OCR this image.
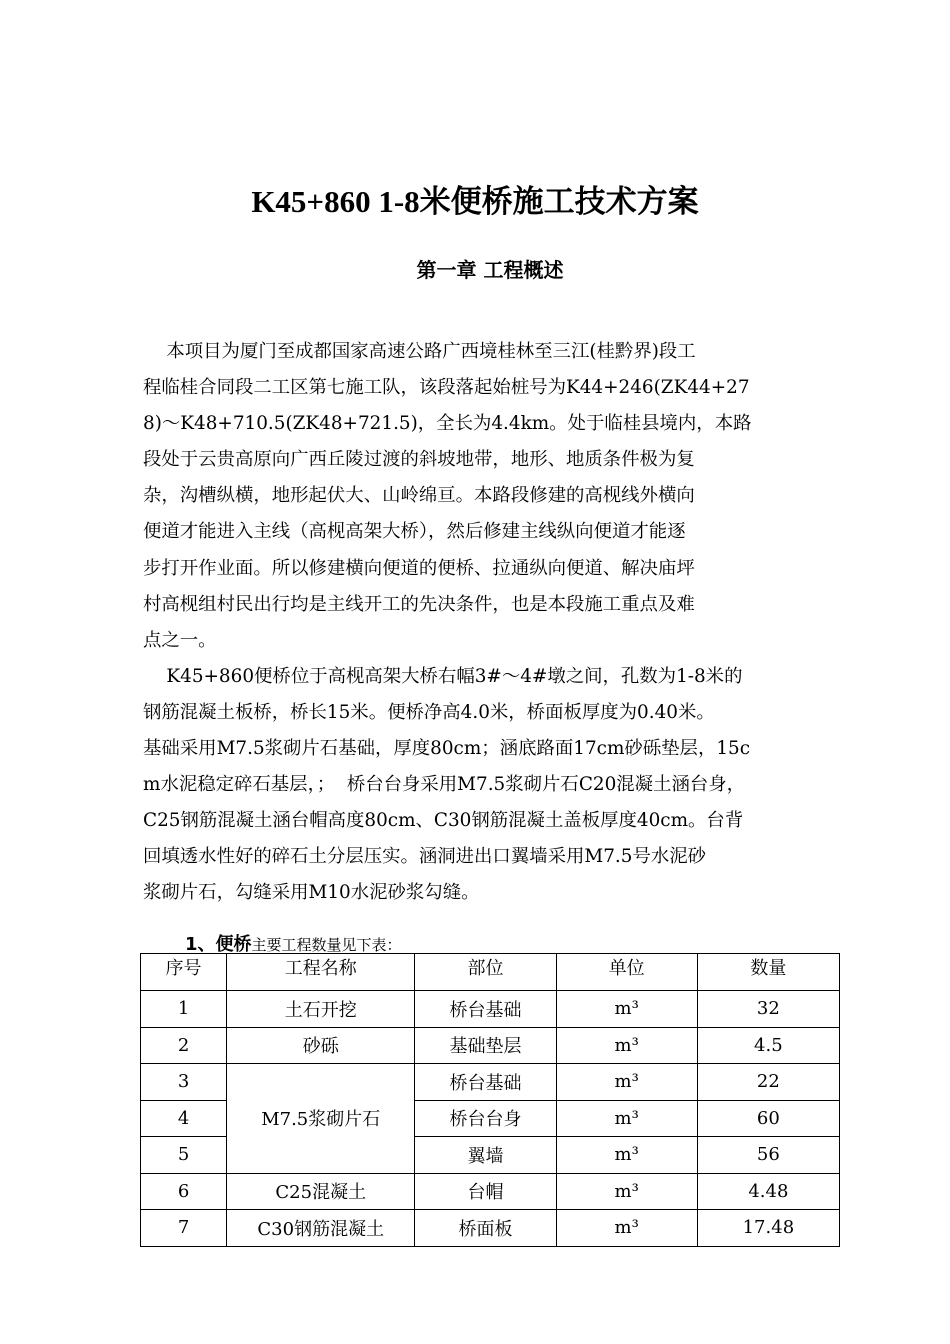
K45+860 1-8米便桥施工技术方案
第一章 工程概述
本项目为厦门至成都国家高速公路广西境桂林至三江(桂黔界)段工
程临桂合同段二工区第七施工队，该段落起始桩号为K44+246(ZK44+27
8)～K48+710.5(ZK48+721.5)，全长为4.4km。处于临桂县境内，本路
段处于云贵高原向广西丘陵过渡的斜坡地带，地形、地质条件极为复
杂，沟槽纵横，地形起伏大、山岭绵亘。本路段修建的高枧线外横向
便道才能进入主线（高枧高架大桥），然后修建主线纵向便道才能逐
步打开作业面。所以修建横向便道的便桥、拉通纵向便道、解决庙坪
村高枧组村民出行均是主线开工的先决条件，也是本段施工重点及难
点之一。
K45+860便桥位于高枧高架大桥右幅3#～4#墩之间，孔数为1-8米的
钢筋混凝土板桥，桥长15米。便桥净高4.0米，桥面板厚度为0.40米。
基础采用M7.5浆砌片石基础，厚度80cm；涵底路面17cm砂砾垫层，15c
m水泥稳定碎石基层，；  桥台台身采用M7.5浆砌片石C20混凝土涵台身，
C25钢筋混凝土涵台帽高度80cm、C30钢筋混凝土盖板厚度40cm。台背
回填透水性好的碎石土分层压实。涵洞进出口翼墙采用M7.5号水泥砂
浆砌片石，勾缝采用M10水泥砂浆勾缝。
1、便桥主要工程数量见下表：
序号	工程名称	部位	单位	数量
1	土石开挖	桥台基础	m³	32
2	砂砾	基础垫层	m³	4.5
3	M7.5浆砌片石	桥台基础	m³	22
4		桥台台身	m³	60
5		翼墙	m³	56
6	C25混凝土	台帽	m³	4.48
7	C30钢筋混凝土	桥面板	m³	17.48
